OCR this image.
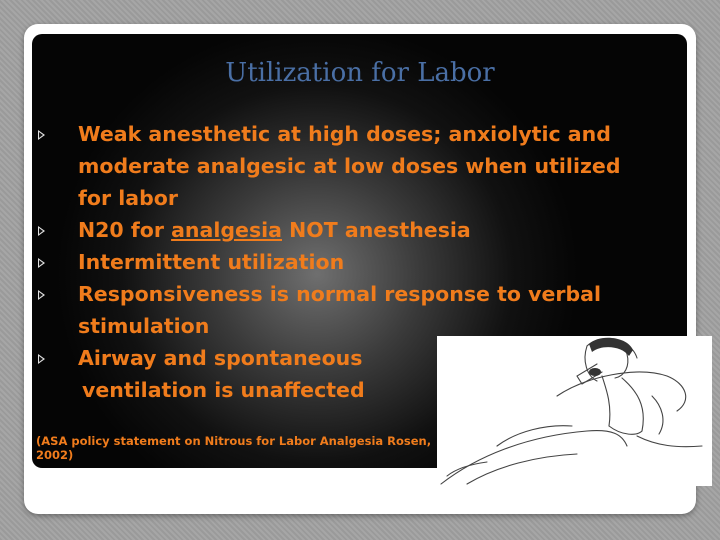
Utilization for Labor
Weak anesthetic at high doses; anxiolytic and moderate analgesic at low doses when utilized for labor
N20 for analgesia NOT anesthesia
Intermittent utilization
Responsiveness is normal response to verbal stimulation
Airway and spontaneous
ventilation is unaffected
(ASA policy statement on Nitrous for Labor Analgesia Rosen, 2002)
